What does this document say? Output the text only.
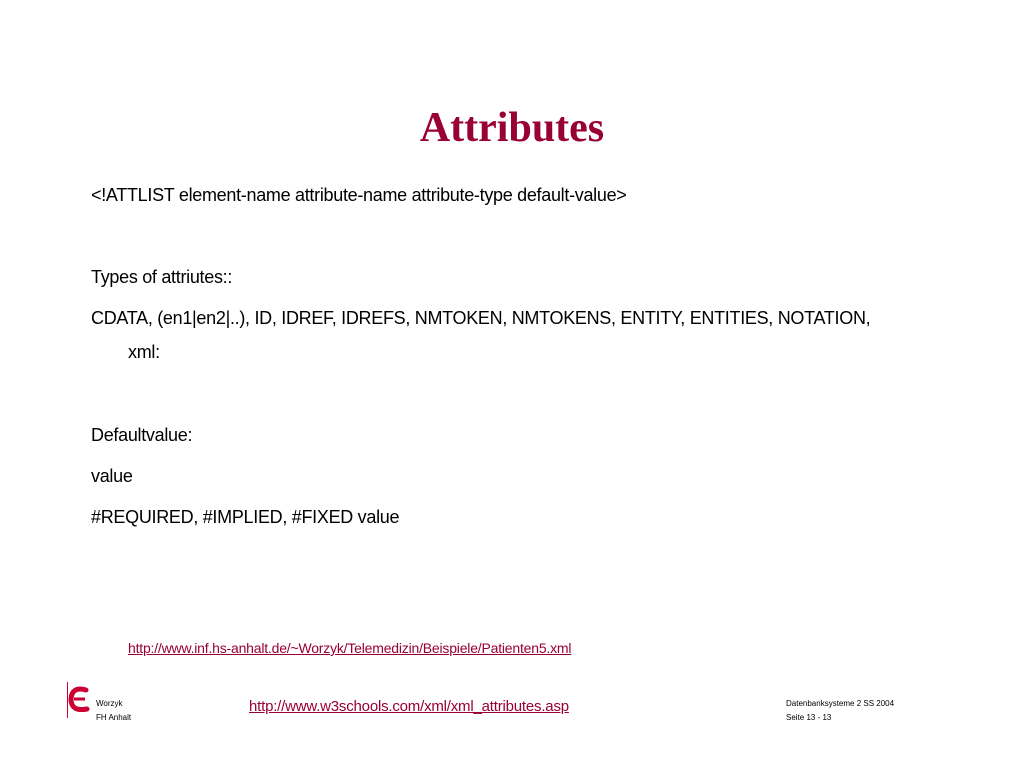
Attributes
<!ATTLIST element-name attribute-name attribute-type default-value>
Types of attriutes::
CDATA, (en1|en2|..), ID, IDREF, IDREFS, NMTOKEN, NMTOKENS, ENTITY, ENTITIES, NOTATION,
xml:
Defaultvalue:
value
#REQUIRED, #IMPLIED, #FIXED value
http://www.inf.hs-anhalt.de/~Worzyk/Telemedizin/Beispiele/Patienten5.xml
Worzyk
FH Anhalt
http://www.w3schools.com/xml/xml_attributes.asp	Datenbanksysteme 2 SS 2004
Seite 13 - 13
